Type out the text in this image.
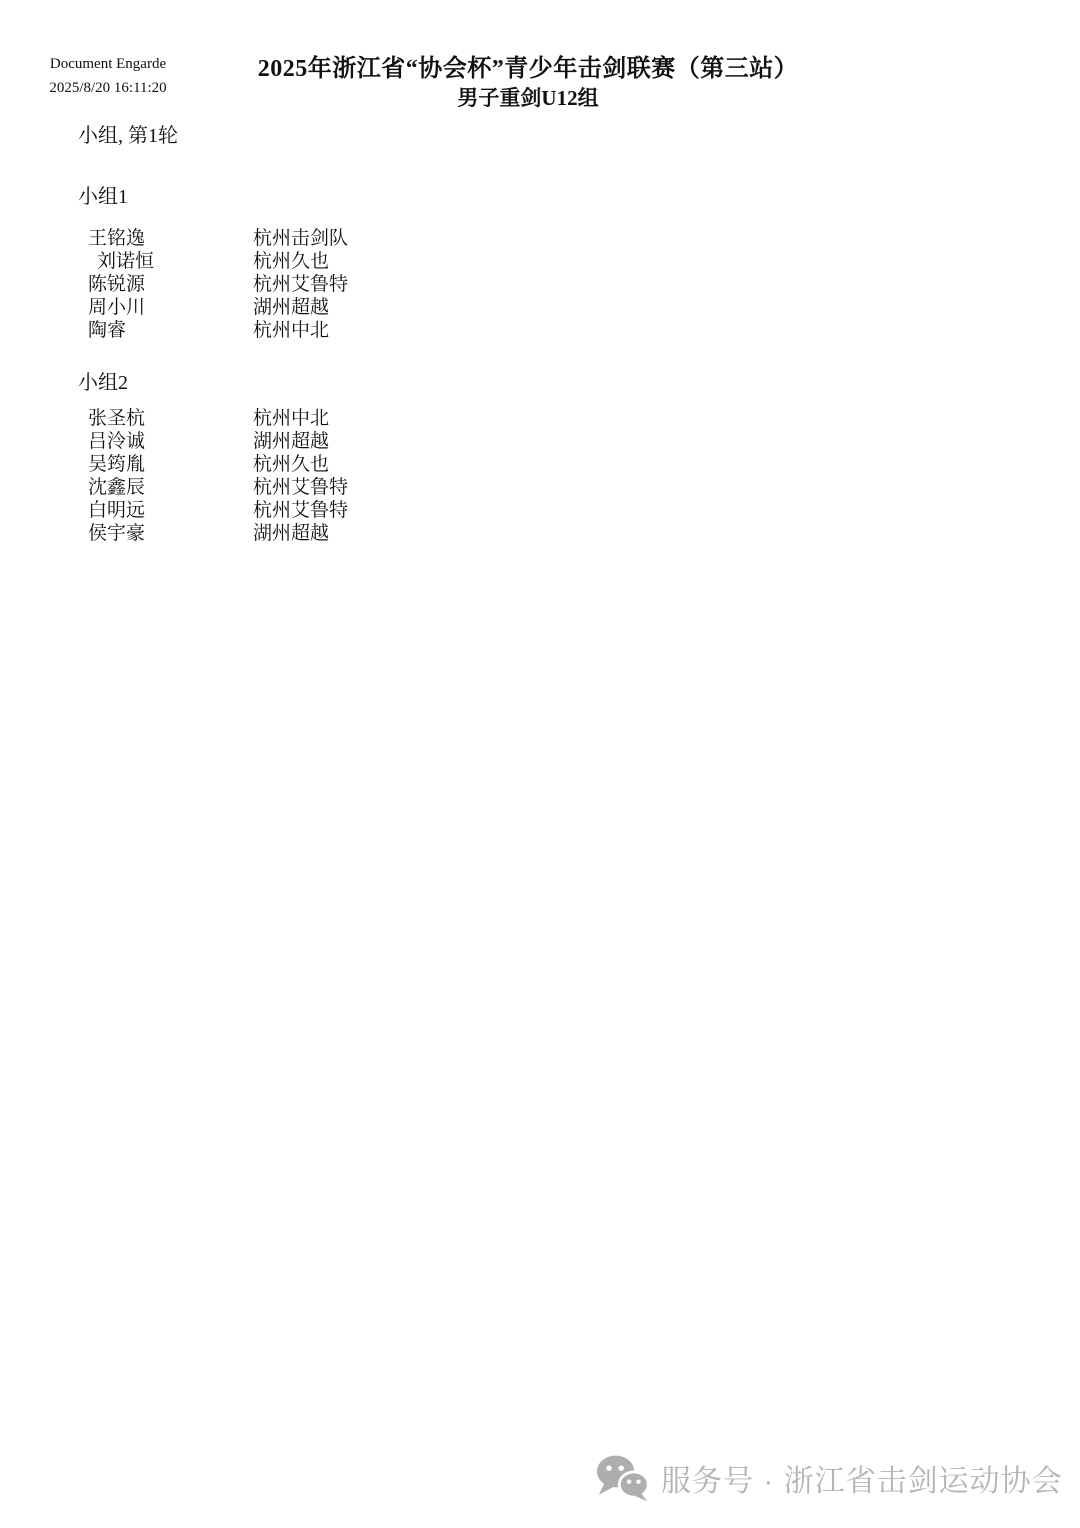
Document Engarde
2025/8/20 16:11:20
2025年浙江省“协会杯”青少年击剑联赛（第三站）
男子重剑U12组
小组, 第1轮
小组1
王铭逸	杭州击剑队
刘诺恒	杭州久也
陈锐源	杭州艾鲁特
周小川	湖州超越
陶睿	杭州中北
小组2
张圣杭	杭州中北
吕泠诚	湖州超越
吴筠胤	杭州久也
沈鑫辰	杭州艾鲁特
白明远	杭州艾鲁特
侯宇豪	湖州超越
服务号 · 浙江省击剑运动协会
